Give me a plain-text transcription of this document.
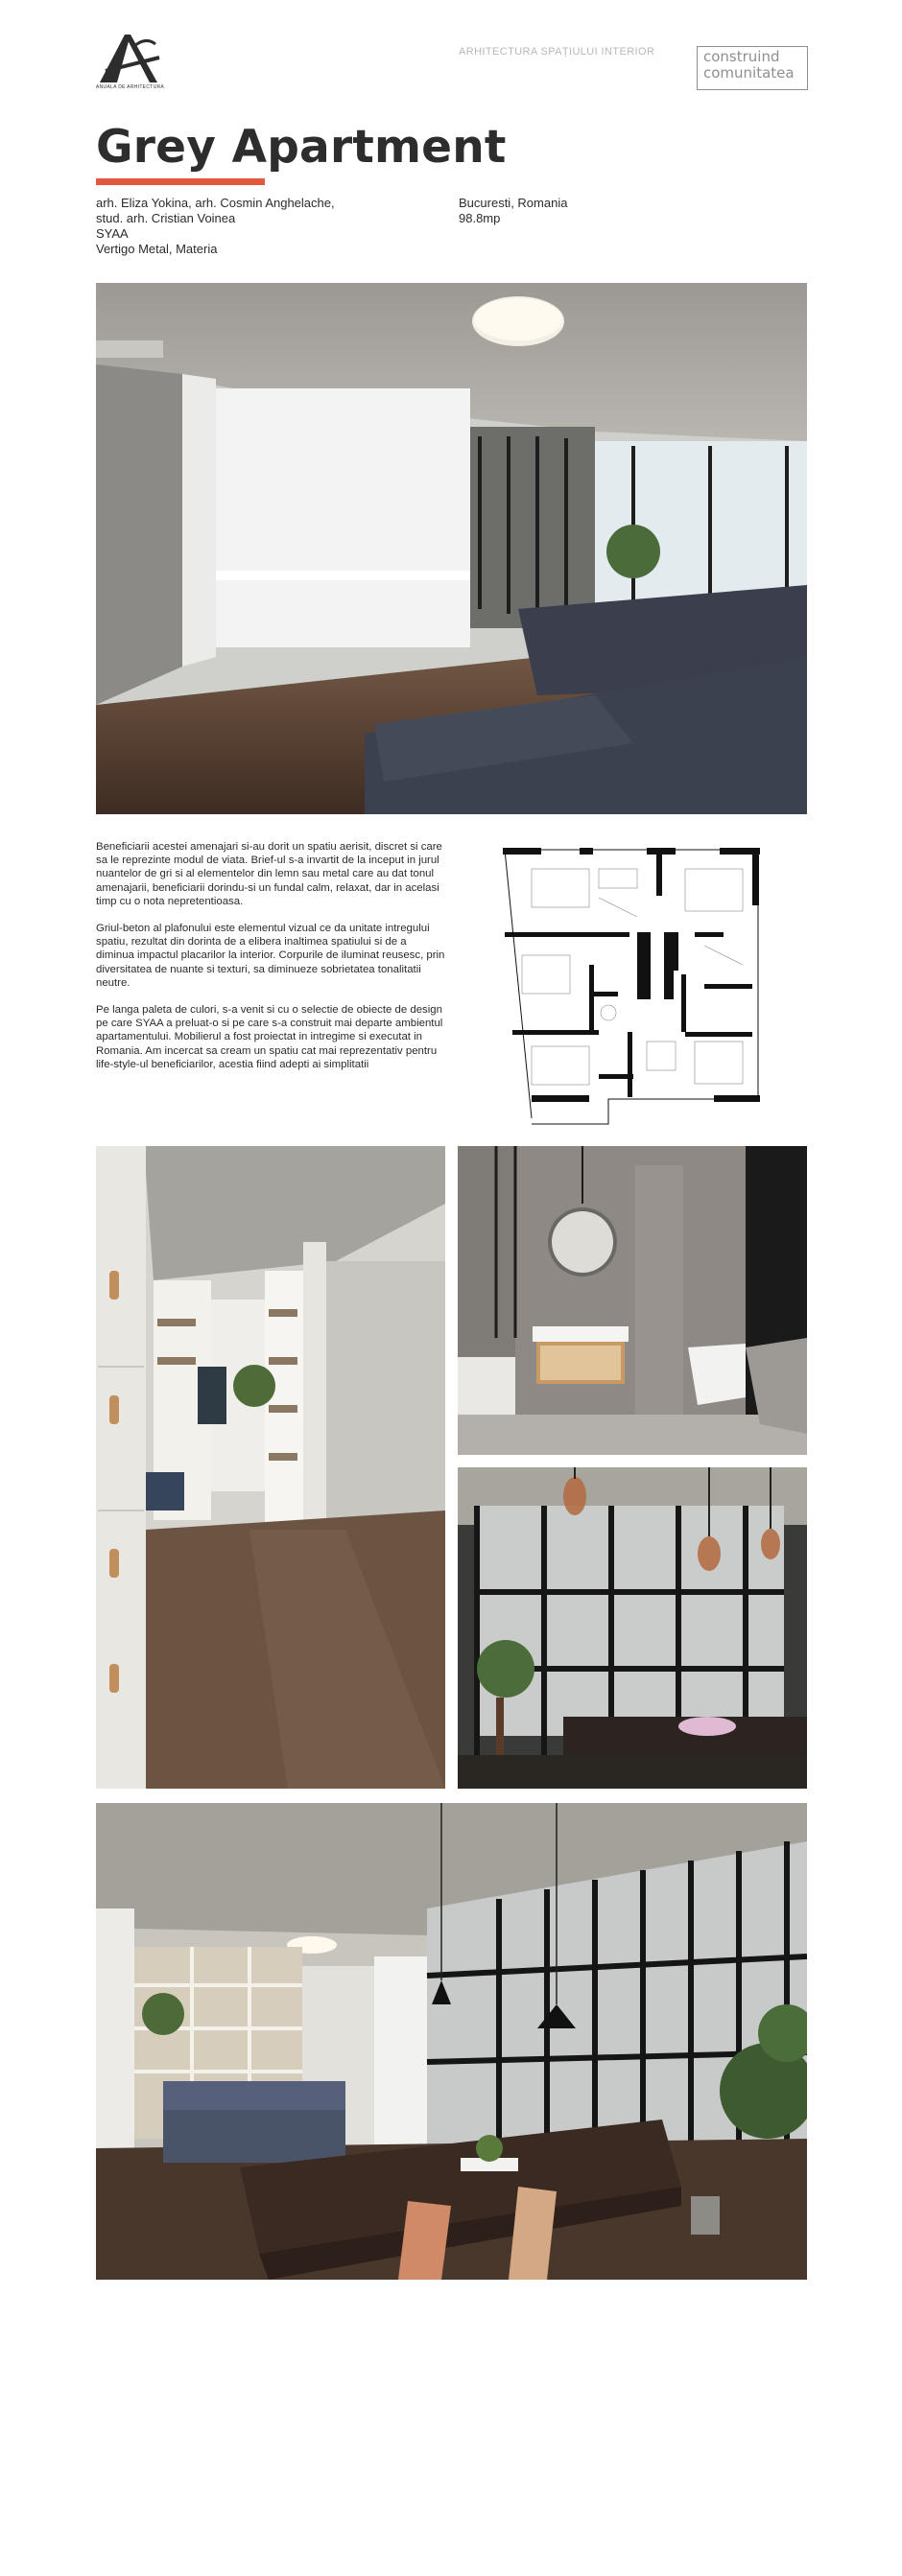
ANUALA DE ARHITECTURA
ARHITECTURA SPAȚIULUI INTERIOR	construind
comunitatea
Grey Apartment
arh. Eliza Yokina, arh. Cosmin Anghelache,
stud. arh. Cristian Voinea
SYAA
Vertigo Metal, Materia
Bucuresti, Romania
98.8mp

Beneficiarii acestei amenajari si-au dorit un spatiu aerisit, discret si care sa le reprezinte modul de viata. Brief-ul s-a invartit de la inceput in jurul nuantelor de gri si al elementelor din lemn sau metal care au dat tonul amenajarii, beneficiarii dorindu-si un fundal calm, relaxat, dar in acelasi timp cu o nota nepretentioasa.

Griul-beton al plafonului este elementul vizual ce da unitate intregului spatiu, rezultat din dorinta de a elibera inaltimea spatiului si de a diminua impactul placarilor la interior. Corpurile de iluminat reusesc, prin diversitatea de nuante si texturi, sa diminueze sobrietatea tonalitatii neutre.

Pe langa paleta de culori, s-a venit si cu o selectie de obiecte de design pe care SYAA a preluat-o si pe care s-a construit mai departe ambientul apartamentului. Mobilierul a fost proiectat in intregime si executat in Romania. Am incercat sa cream un spatiu cat mai reprezentativ pentru life-style-ul beneficiarilor, acestia fiind adepti ai simplitatii
